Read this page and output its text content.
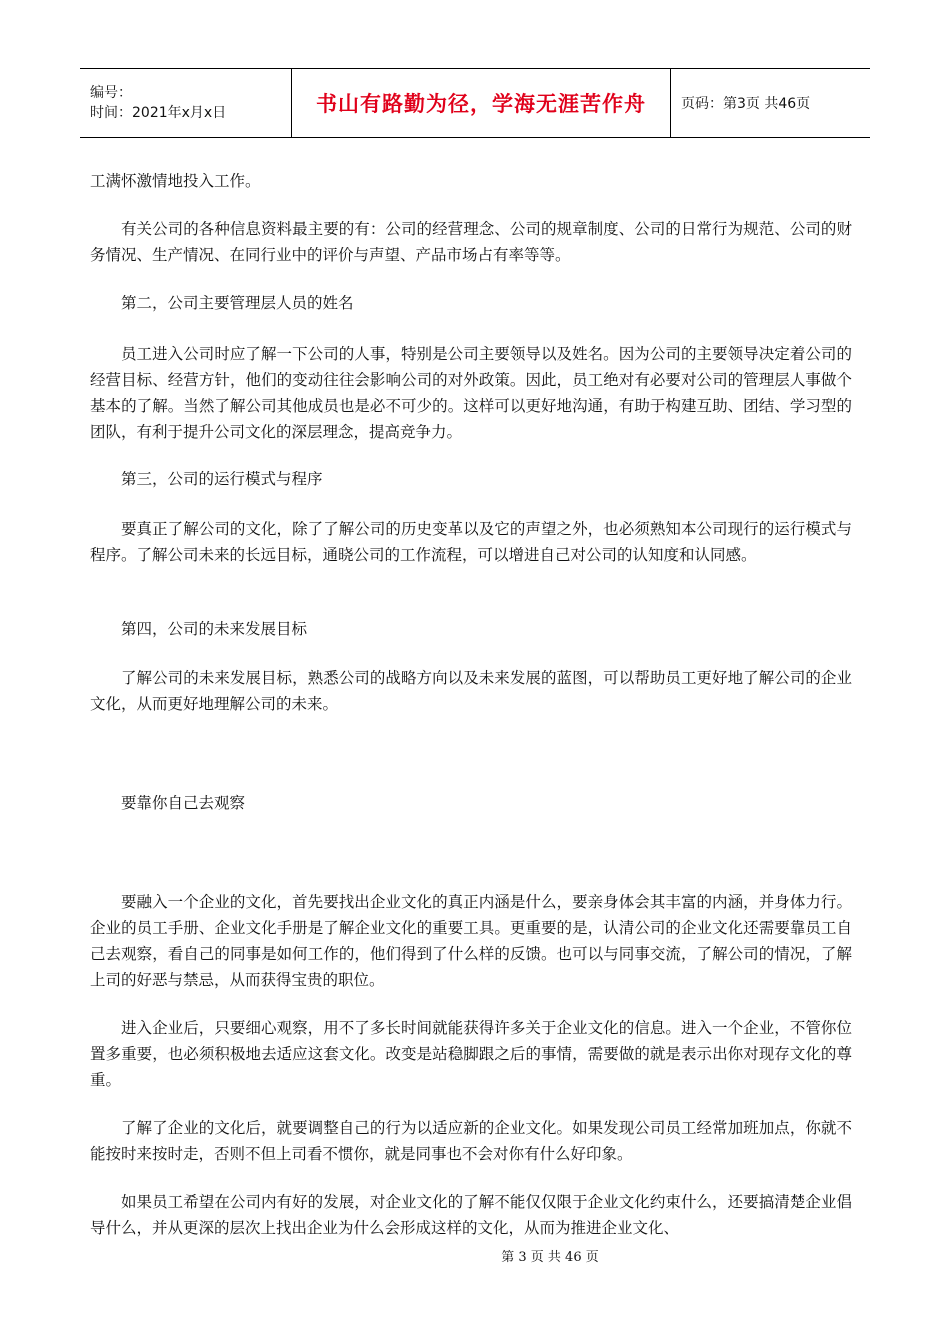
编号：
时间：2021年x月x日	书山有路勤为径，学海无涯苦作舟	页码：第3页 共46页

工满怀激情地投入工作。

有关公司的各种信息资料最主要的有：公司的经营理念、公司的规章制度、公司的日常行为规范、公司的财务情况、生产情况、在同行业中的评价与声望、产品市场占有率等等。

第二，公司主要管理层人员的姓名

员工进入公司时应了解一下公司的人事，特别是公司主要领导以及姓名。因为公司的主要领导决定着公司的经营目标、经营方针，他们的变动往往会影响公司的对外政策。因此，员工绝对有必要对公司的管理层人事做个基本的了解。当然了解公司其他成员也是必不可少的。这样可以更好地沟通，有助于构建互助、团结、学习型的团队，有利于提升公司文化的深层理念，提高竞争力。

第三，公司的运行模式与程序

要真正了解公司的文化，除了了解公司的历史变革以及它的声望之外，也必须熟知本公司现行的运行模式与程序。了解公司未来的长远目标，通晓公司的工作流程，可以增进自己对公司的认知度和认同感。

第四，公司的未来发展目标

了解公司的未来发展目标，熟悉公司的战略方向以及未来发展的蓝图，可以帮助员工更好地了解公司的企业文化，从而更好地理解公司的未来。

要靠你自己去观察

要融入一个企业的文化，首先要找出企业文化的真正内涵是什么，要亲身体会其丰富的内涵，并身体力行。企业的员工手册、企业文化手册是了解企业文化的重要工具。更重要的是，认清公司的企业文化还需要靠员工自己去观察，看自己的同事是如何工作的，他们得到了什么样的反馈。也可以与同事交流，了解公司的情况，了解上司的好恶与禁忌，从而获得宝贵的职位。

进入企业后，只要细心观察，用不了多长时间就能获得许多关于企业文化的信息。进入一个企业，不管你位置多重要，也必须积极地去适应这套文化。改变是站稳脚跟之后的事情，需要做的就是表示出你对现存文化的尊重。

了解了企业的文化后，就要调整自己的行为以适应新的企业文化。如果发现公司员工经常加班加点，你就不能按时来按时走，否则不但上司看不惯你，就是同事也不会对你有什么好印象。

如果员工希望在公司内有好的发展，对企业文化的了解不能仅仅限于企业文化约束什么，还要搞清楚企业倡导什么，并从更深的层次上找出企业为什么会形成这样的文化，从而为推进企业文化、

第 3 页 共 46 页
